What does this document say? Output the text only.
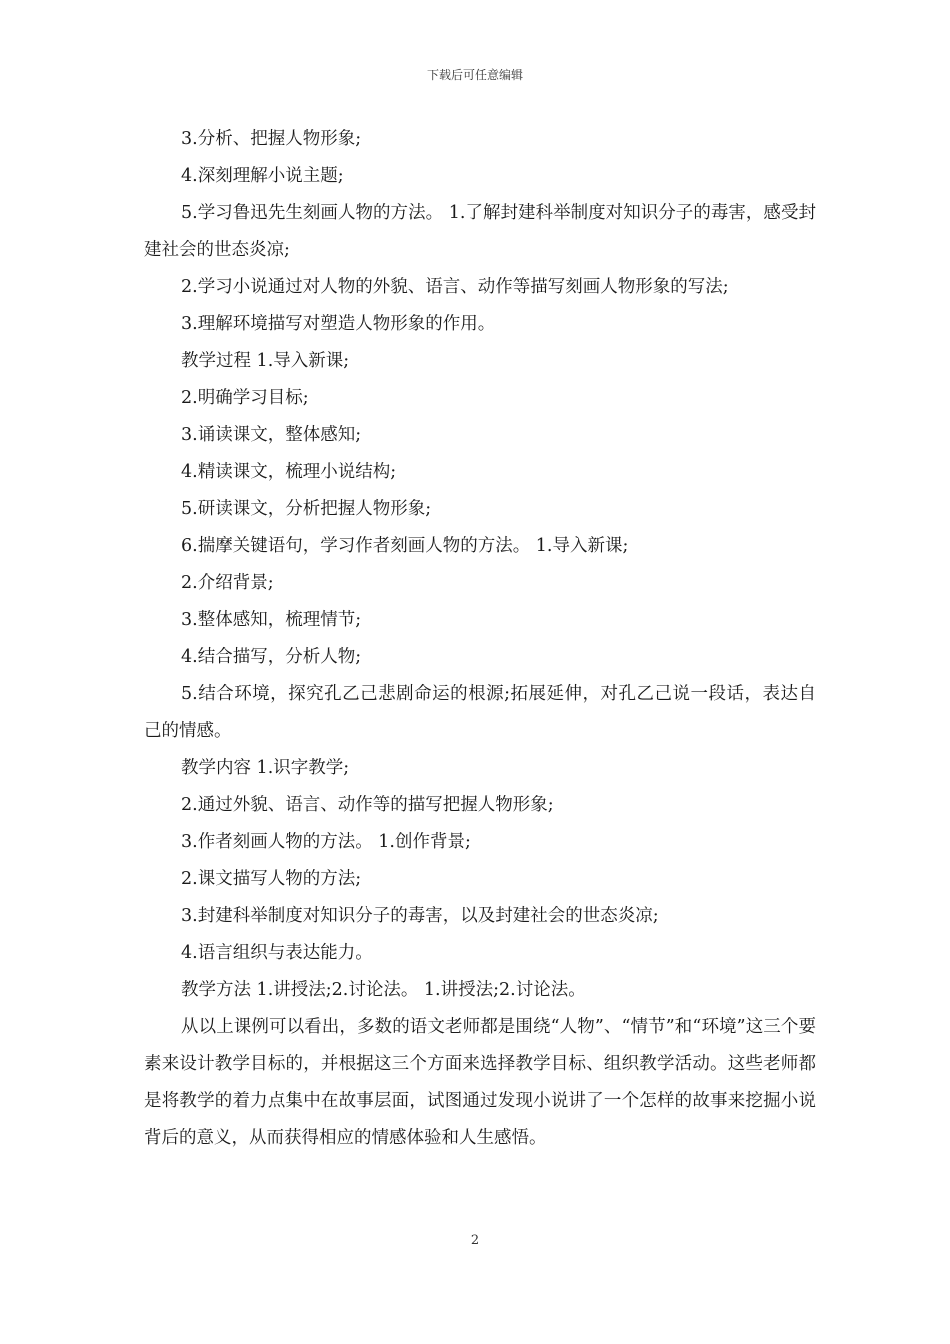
下载后可任意编辑

3.分析、把握人物形象;

4.深刻理解小说主题;

5.学习鲁迅先生刻画人物的方法。 1.了解封建科举制度对知识分子的毒害，感受封建社会的世态炎凉;

2.学习小说通过对人物的外貌、语言、动作等描写刻画人物形象的写法;

3.理解环境描写对塑造人物形象的作用。

教学过程 1.导入新课;

2.明确学习目标;

3.诵读课文，整体感知;

4.精读课文，梳理小说结构;

5.研读课文，分析把握人物形象;

6.揣摩关键语句，学习作者刻画人物的方法。 1.导入新课;

2.介绍背景;

3.整体感知，梳理情节;

4.结合描写，分析人物;

5.结合环境，探究孔乙己悲剧命运的根源;拓展延伸，对孔乙己说一段话，表达自己的情感。

教学内容 1.识字教学;

2.通过外貌、语言、动作等的描写把握人物形象;

3.作者刻画人物的方法。 1.创作背景;

2.课文描写人物的方法;

3.封建科举制度对知识分子的毒害，以及封建社会的世态炎凉;

4.语言组织与表达能力。

教学方法 1.讲授法;2.讨论法。 1.讲授法;2.讨论法。

从以上课例可以看出，多数的语文老师都是围绕“人物”、“情节”和“环境”这三个要素来设计教学目标的，并根据这三个方面来选择教学目标、组织教学活动。这些老师都是将教学的着力点集中在故事层面，试图通过发现小说讲了一个怎样的故事来挖掘小说背后的意义，从而获得相应的情感体验和人生感悟。

2
